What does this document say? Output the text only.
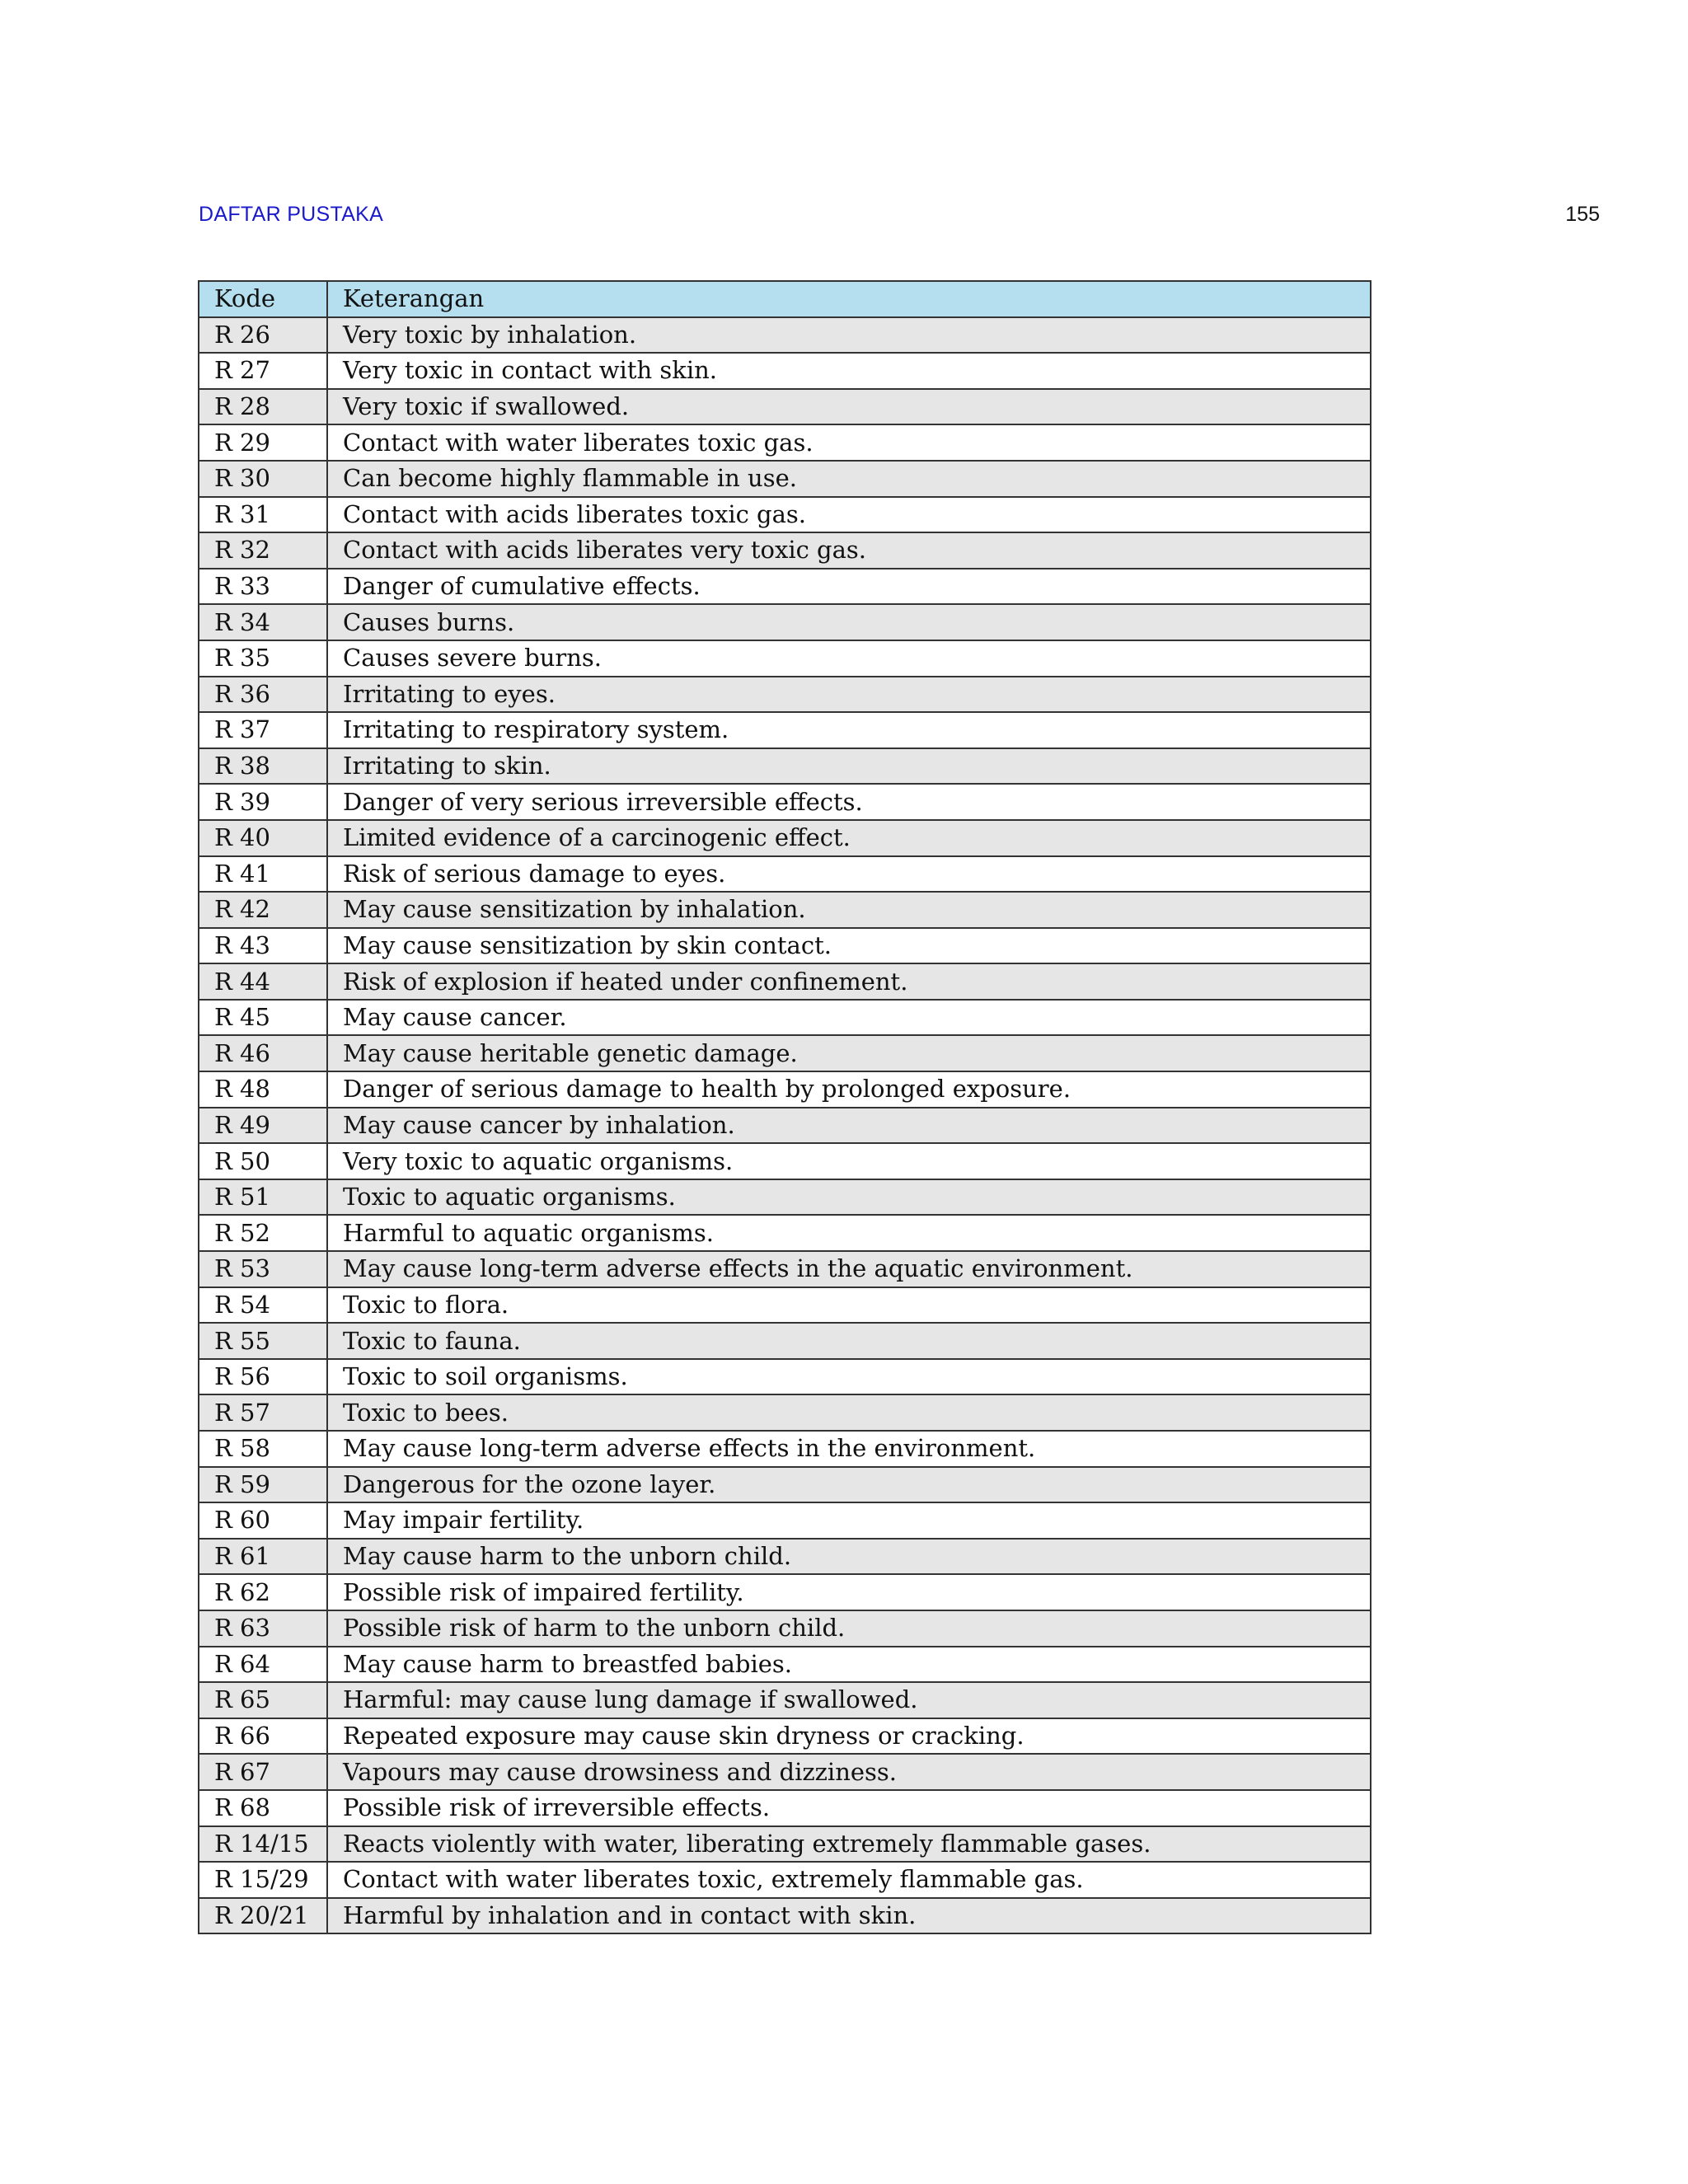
DAFTAR PUSTAKA	155
Kode	Keterangan
R 26	Very toxic by inhalation.
R 27	Very toxic in contact with skin.
R 28	Very toxic if swallowed.
R 29	Contact with water liberates toxic gas.
R 30	Can become highly flammable in use.
R 31	Contact with acids liberates toxic gas.
R 32	Contact with acids liberates very toxic gas.
R 33	Danger of cumulative effects.
R 34	Causes burns.
R 35	Causes severe burns.
R 36	Irritating to eyes.
R 37	Irritating to respiratory system.
R 38	Irritating to skin.
R 39	Danger of very serious irreversible effects.
R 40	Limited evidence of a carcinogenic effect.
R 41	Risk of serious damage to eyes.
R 42	May cause sensitization by inhalation.
R 43	May cause sensitization by skin contact.
R 44	Risk of explosion if heated under confinement.
R 45	May cause cancer.
R 46	May cause heritable genetic damage.
R 48	Danger of serious damage to health by prolonged exposure.
R 49	May cause cancer by inhalation.
R 50	Very toxic to aquatic organisms.
R 51	Toxic to aquatic organisms.
R 52	Harmful to aquatic organisms.
R 53	May cause long-term adverse effects in the aquatic environment.
R 54	Toxic to flora.
R 55	Toxic to fauna.
R 56	Toxic to soil organisms.
R 57	Toxic to bees.
R 58	May cause long-term adverse effects in the environment.
R 59	Dangerous for the ozone layer.
R 60	May impair fertility.
R 61	May cause harm to the unborn child.
R 62	Possible risk of impaired fertility.
R 63	Possible risk of harm to the unborn child.
R 64	May cause harm to breastfed babies.
R 65	Harmful: may cause lung damage if swallowed.
R 66	Repeated exposure may cause skin dryness or cracking.
R 67	Vapours may cause drowsiness and dizziness.
R 68	Possible risk of irreversible effects.
R 14/15	Reacts violently with water, liberating extremely flammable gases.
R 15/29	Contact with water liberates toxic, extremely flammable gas.
R 20/21	Harmful by inhalation and in contact with skin.
